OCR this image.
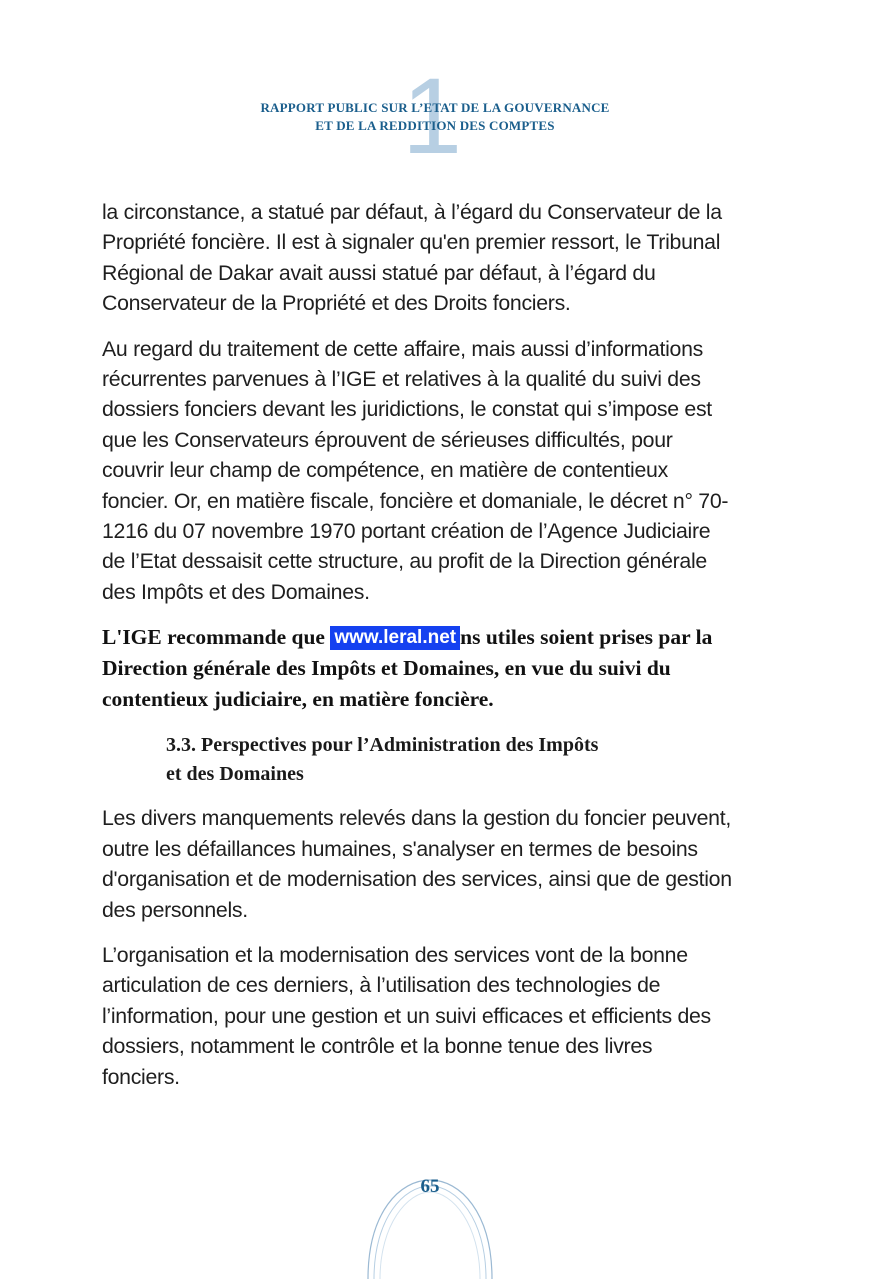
1
RAPPORT PUBLIC SUR L’ETAT DE LA GOUVERNANCE
ET DE LA REDDITION DES COMPTES

la circonstance, a statué par défaut, à l’égard du Conservateur de la Propriété foncière. Il est à signaler qu'en premier ressort, le Tribunal Régional de Dakar avait aussi statué par défaut, à l’égard du Conservateur de la Propriété et des Droits fonciers.

Au regard du traitement de cette affaire, mais aussi d’informations récurrentes parvenues à l’IGE et relatives à la qualité du suivi des dossiers fonciers devant les juridictions, le constat qui s’impose est que les Conservateurs éprouvent de sérieuses difficultés, pour couvrir leur champ de compétence, en matière de contentieux foncier. Or, en matière fiscale, foncière et domaniale, le décret n° 70-1216 du 07 novembre 1970 portant création de l’Agence Judiciaire de l’Etat dessaisit cette structure, au profit de la Direction générale des Impôts et des Domaines.

L'IGE recommande que www.leral.net ns utiles soient prises par la Direction générale des Impôts et Domaines, en vue du suivi du contentieux judiciaire, en matière foncière.

3.3. Perspectives pour l’Administration des Impôts
et des Domaines

Les divers manquements relevés dans la gestion du foncier peuvent, outre les défaillances humaines, s'analyser en termes de besoins d'organisation et de modernisation des services, ainsi que de gestion des personnels.

L’organisation et la modernisation des services vont de la bonne articulation de ces derniers, à l’utilisation des technologies de l’information, pour une gestion et un suivi efficaces et efficients des dossiers, notamment le contrôle et la bonne tenue des livres fonciers.

65
